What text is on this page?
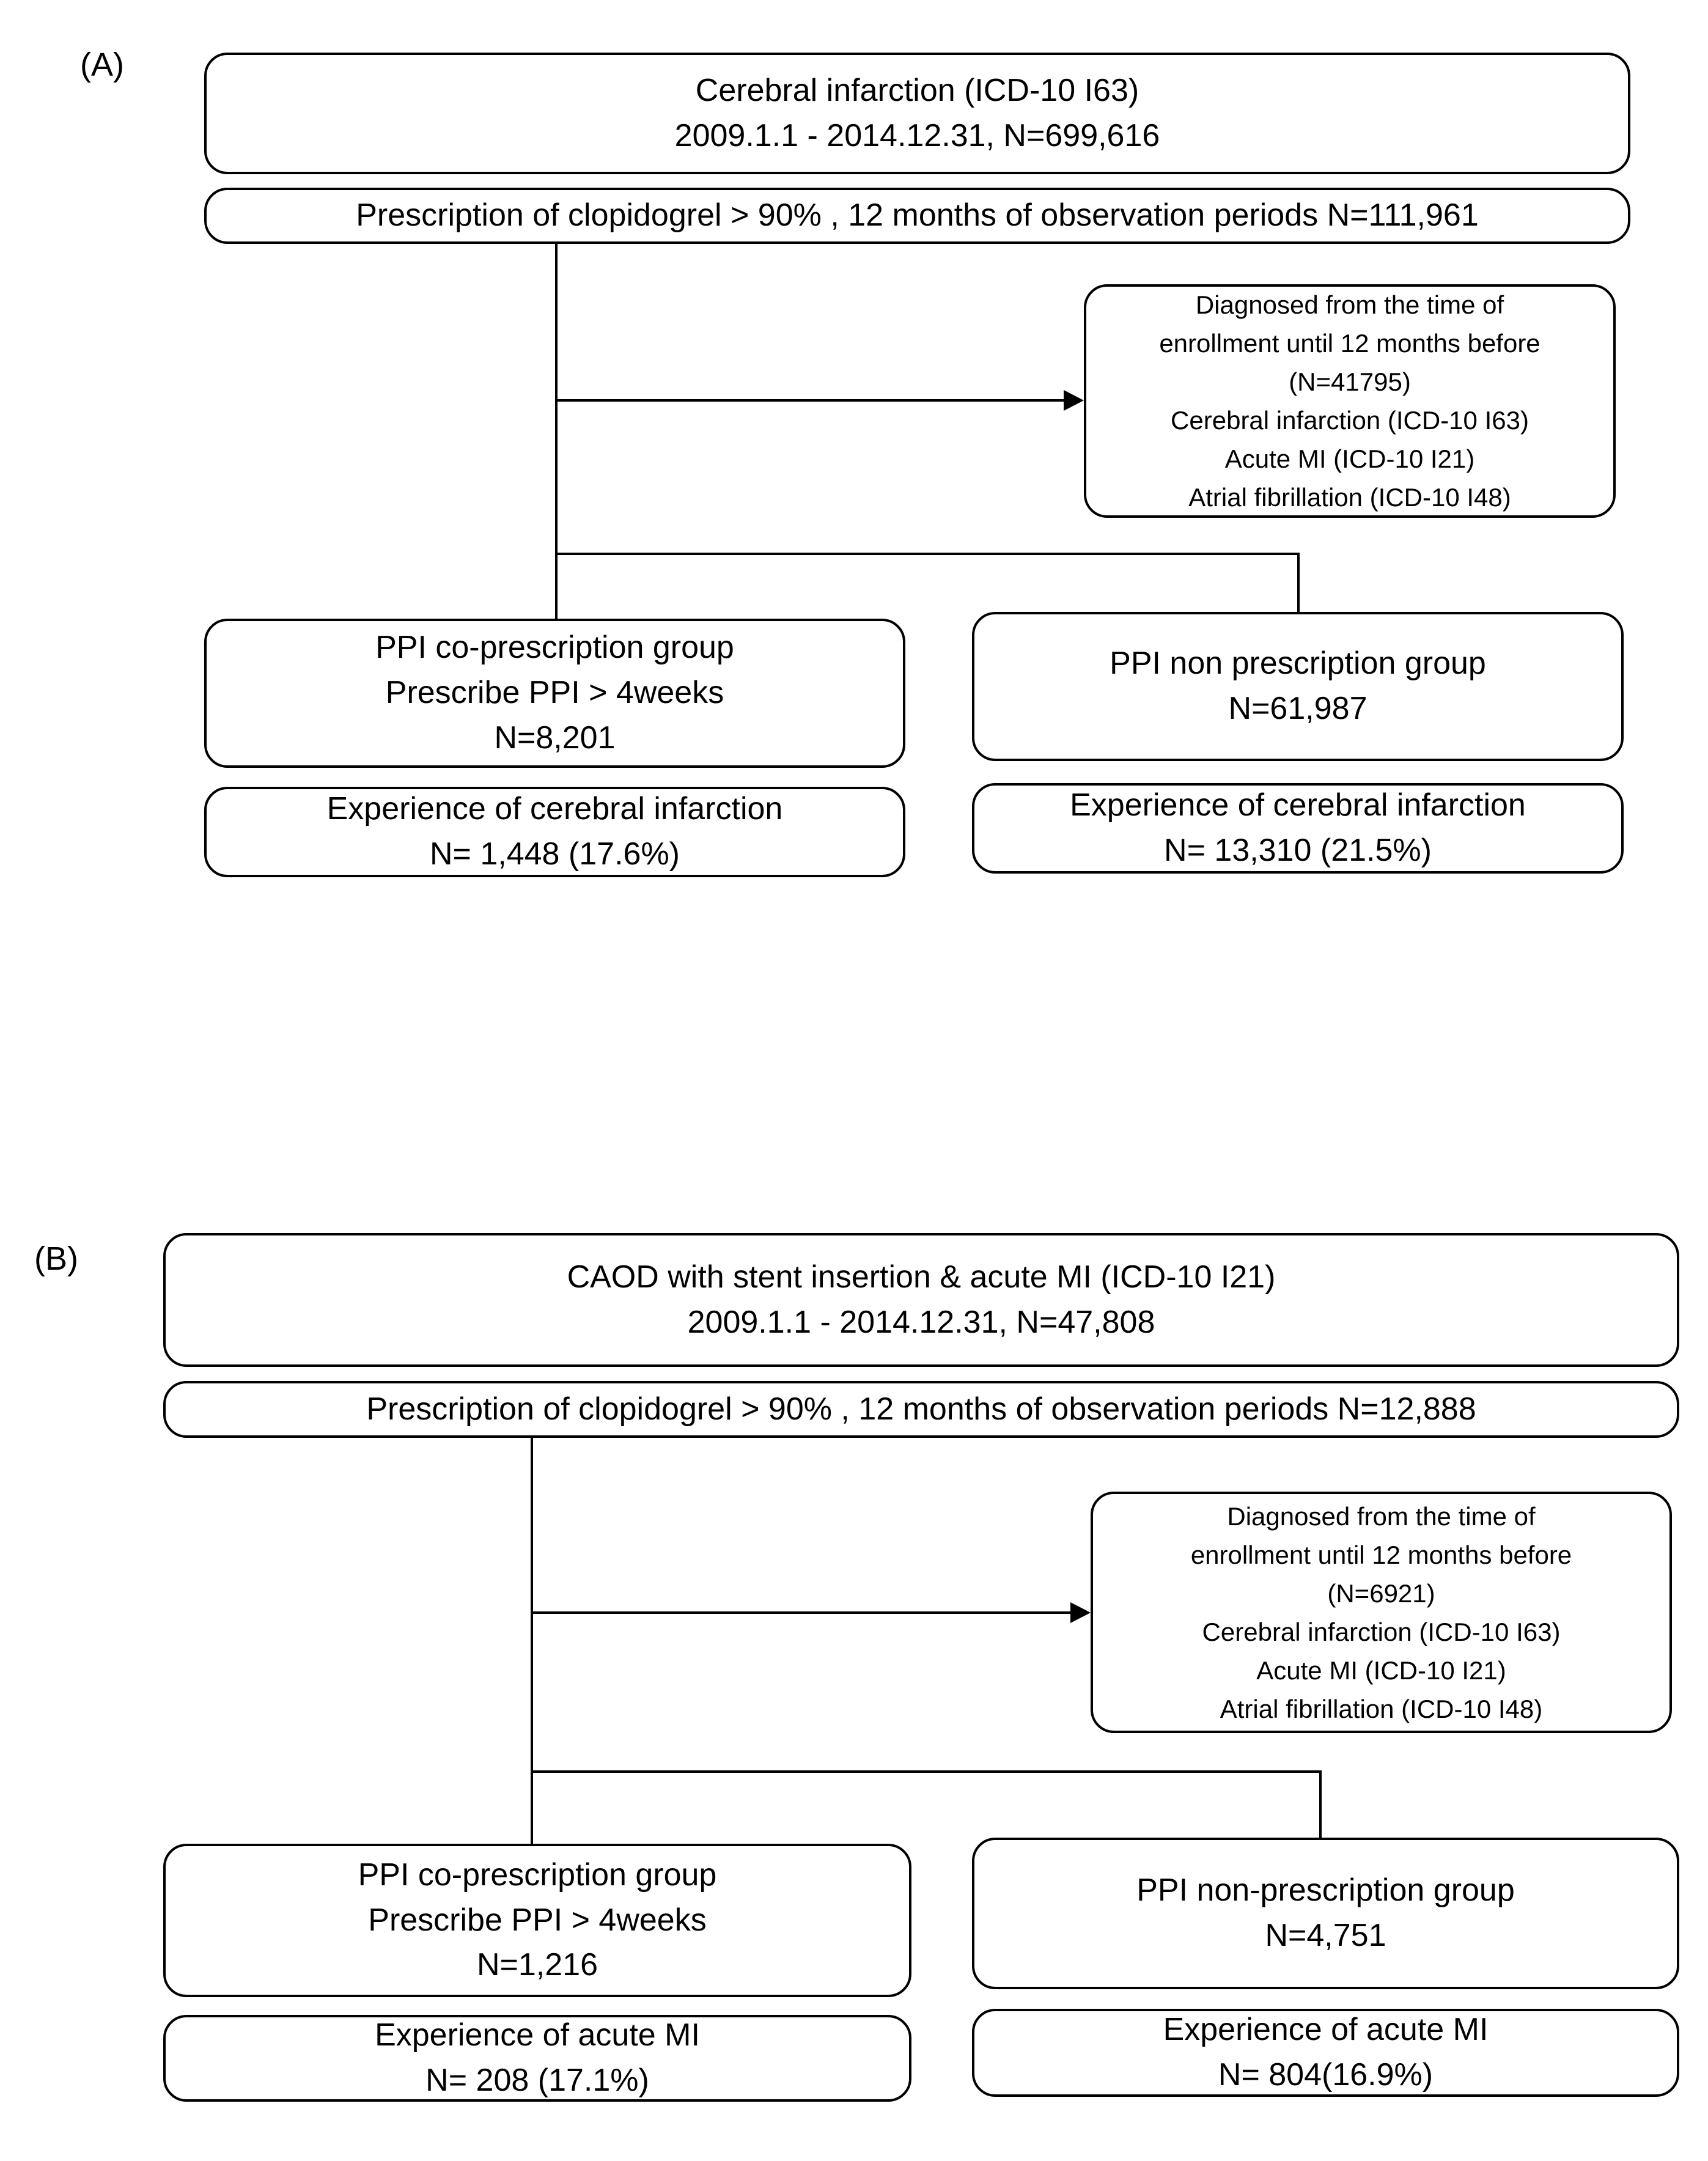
(A)
Cerebral infarction (ICD-10 I63)
2009.1.1 - 2014.12.31, N=699,616
Prescription of clopidogrel > 90% , 12 months of observation periods N=111,961
Diagnosed from the time of
enrollment until 12 months before
(N=41795)
Cerebral infarction (ICD-10 I63)
Acute MI (ICD-10 I21)
Atrial fibrillation (ICD-10 I48)
PPI co-prescription group
Prescribe PPI > 4weeks
N=8,201
PPI non prescription group
N=61,987
Experience of cerebral infarction
N= 1,448 (17.6%)
Experience of cerebral infarction
N= 13,310 (21.5%)
(B)	CAOD with stent insertion & acute MI (ICD-10 I21)
2009.1.1 - 2014.12.31, N=47,808
Prescription of clopidogrel > 90% , 12 months of observation periods N=12,888
Diagnosed from the time of
enrollment until 12 months before
(N=6921)
Cerebral infarction (ICD-10 I63)
Acute MI (ICD-10 I21)
Atrial fibrillation (ICD-10 I48)
PPI co-prescription group
Prescribe PPI > 4weeks
N=1,216
PPI non-prescription group
N=4,751
Experience of acute MI
N= 208 (17.1%)
Experience of acute MI
N= 804(16.9%)
